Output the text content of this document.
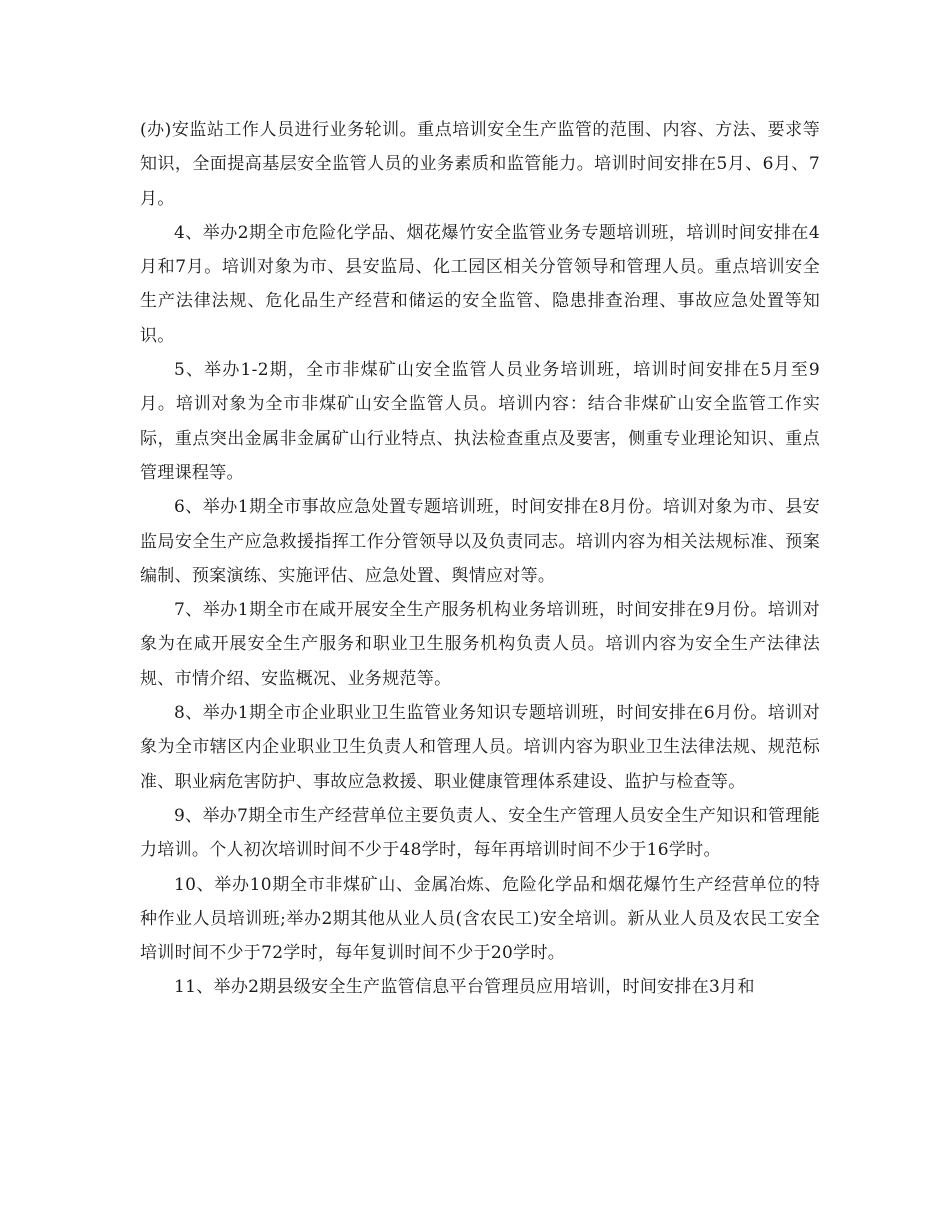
(办)安监站工作人员进行业务轮训。重点培训安全生产监管的范围、内容、方法、要求等知识，全面提高基层安全监管人员的业务素质和监管能力。培训时间安排在5月、6月、7月。

4、举办2期全市危险化学品、烟花爆竹安全监管业务专题培训班，培训时间安排在4月和7月。培训对象为市、县安监局、化工园区相关分管领导和管理人员。重点培训安全生产法律法规、危化品生产经营和储运的安全监管、隐患排查治理、事故应急处置等知识。

5、举办1-2期，全市非煤矿山安全监管人员业务培训班，培训时间安排在5月至9月。培训对象为全市非煤矿山安全监管人员。培训内容：结合非煤矿山安全监管工作实际，重点突出金属非金属矿山行业特点、执法检查重点及要害，侧重专业理论知识、重点管理课程等。

6、举办1期全市事故应急处置专题培训班，时间安排在8月份。培训对象为市、县安监局安全生产应急救援指挥工作分管领导以及负责同志。培训内容为相关法规标准、预案编制、预案演练、实施评估、应急处置、舆情应对等。

7、举办1期全市在咸开展安全生产服务机构业务培训班，时间安排在9月份。培训对象为在咸开展安全生产服务和职业卫生服务机构负责人员。培训内容为安全生产法律法规、市情介绍、安监概况、业务规范等。

8、举办1期全市企业职业卫生监管业务知识专题培训班，时间安排在6月份。培训对象为全市辖区内企业职业卫生负责人和管理人员。培训内容为职业卫生法律法规、规范标准、职业病危害防护、事故应急救援、职业健康管理体系建设、监护与检查等。

9、举办7期全市生产经营单位主要负责人、安全生产管理人员安全生产知识和管理能力培训。个人初次培训时间不少于48学时，每年再培训时间不少于16学时。

10、举办10期全市非煤矿山、金属冶炼、危险化学品和烟花爆竹生产经营单位的特种作业人员培训班;举办2期其他从业人员(含农民工)安全培训。新从业人员及农民工安全培训时间不少于72学时，每年复训时间不少于20学时。

11、举办2期县级安全生产监管信息平台管理员应用培训，时间安排在3月和
